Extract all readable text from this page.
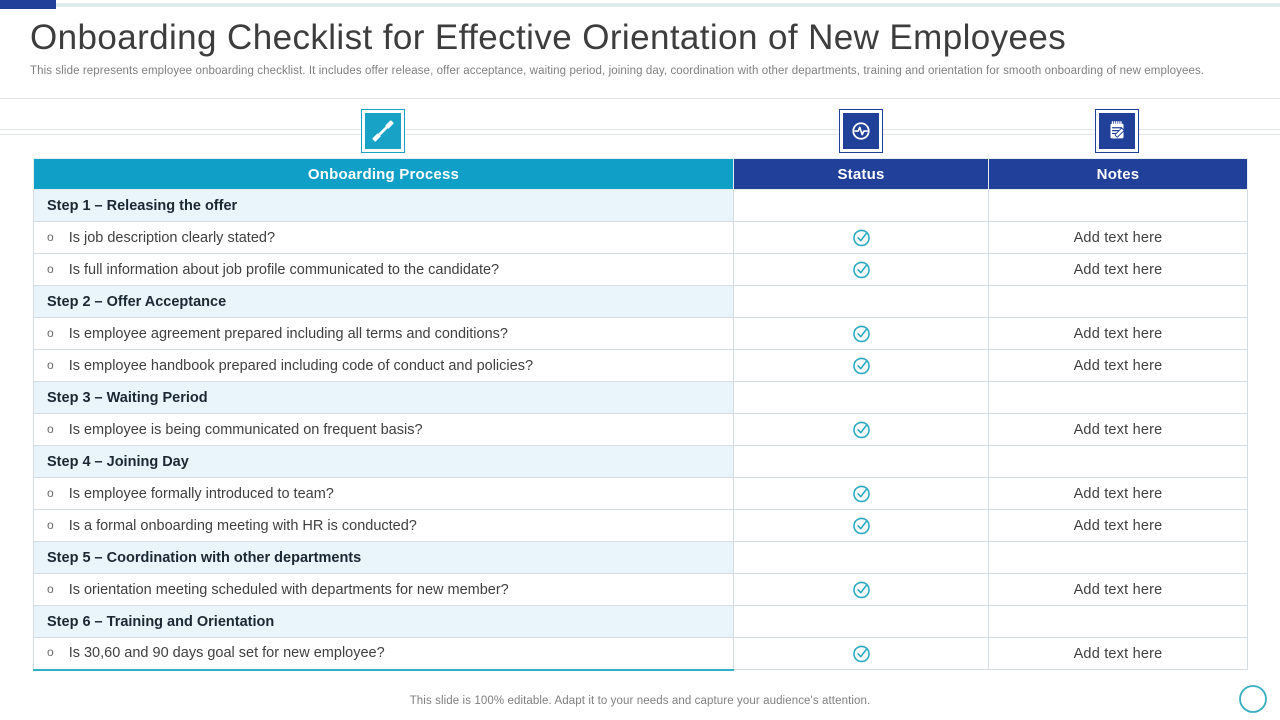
Onboarding Checklist for Effective Orientation of New Employees
This slide represents employee onboarding checklist. It includes offer release, offer acceptance, waiting period, joining day, coordination with other departments, training and orientation for smooth onboarding of new employees.
Onboarding Process	Status	Notes
Step 1 – Releasing the offer		
o Is job description clearly stated?		Add text here
o Is full information about job profile communicated to the candidate?		Add text here
Step 2 – Offer Acceptance		
o Is employee agreement prepared including all terms and conditions?		Add text here
o Is employee handbook prepared including code of conduct and policies?		Add text here
Step 3 – Waiting Period		
o Is employee is being communicated on frequent basis?		Add text here
Step 4 – Joining Day		
o Is employee formally introduced to team?		Add text here
o Is a formal onboarding meeting with HR is conducted?		Add text here
Step 5 – Coordination with other departments		
o Is orientation meeting scheduled with departments for new member?		Add text here
Step 6 – Training and Orientation		
o Is 30,60 and 90 days goal set for new employee?		Add text here
This slide is 100% editable. Adapt it to your needs and capture your audience's attention.
